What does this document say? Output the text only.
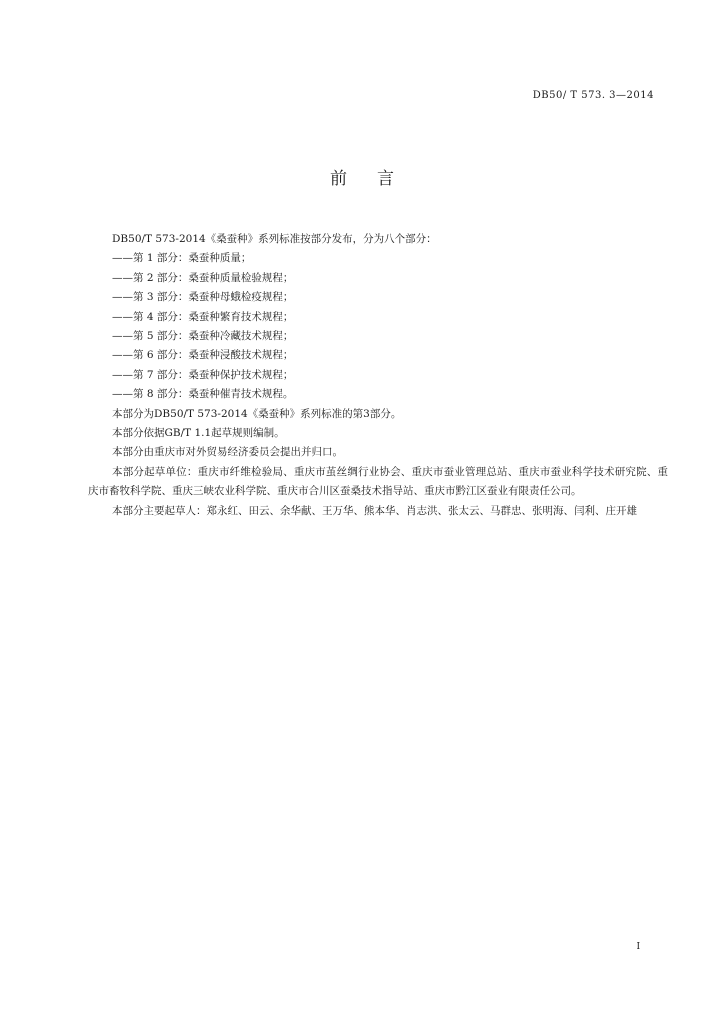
DB50/ T 573. 3—2014
前言

DB50/T 573-2014《桑蚕种》系列标准按部分发布，分为八个部分：

——第 1 部分：桑蚕种质量；

——第 2 部分：桑蚕种质量检验规程；

——第 3 部分：桑蚕种母蛾检疫规程；

——第 4 部分：桑蚕种繁育技术规程；

——第 5 部分：桑蚕种冷藏技术规程；

——第 6 部分：桑蚕种浸酸技术规程；

——第 7 部分：桑蚕种保护技术规程；

——第 8 部分：桑蚕种催青技术规程。

本部分为DB50/T 573-2014《桑蚕种》系列标准的第3部分。

本部分依据GB/T 1.1起草规则编制。

本部分由重庆市对外贸易经济委员会提出并归口。

本部分起草单位：重庆市纤维检验局、重庆市茧丝绸行业协会、重庆市蚕业管理总站、重庆市蚕业科学技术研究院、重庆市畜牧科学院、重庆三峡农业科学院、重庆市合川区蚕桑技术指导站、重庆市黔江区蚕业有限责任公司。

本部分主要起草人：郑永红、田云、余华献、王万华、熊本华、肖志洪、张太云、马群忠、张明海、闫利、庄开雄

I
